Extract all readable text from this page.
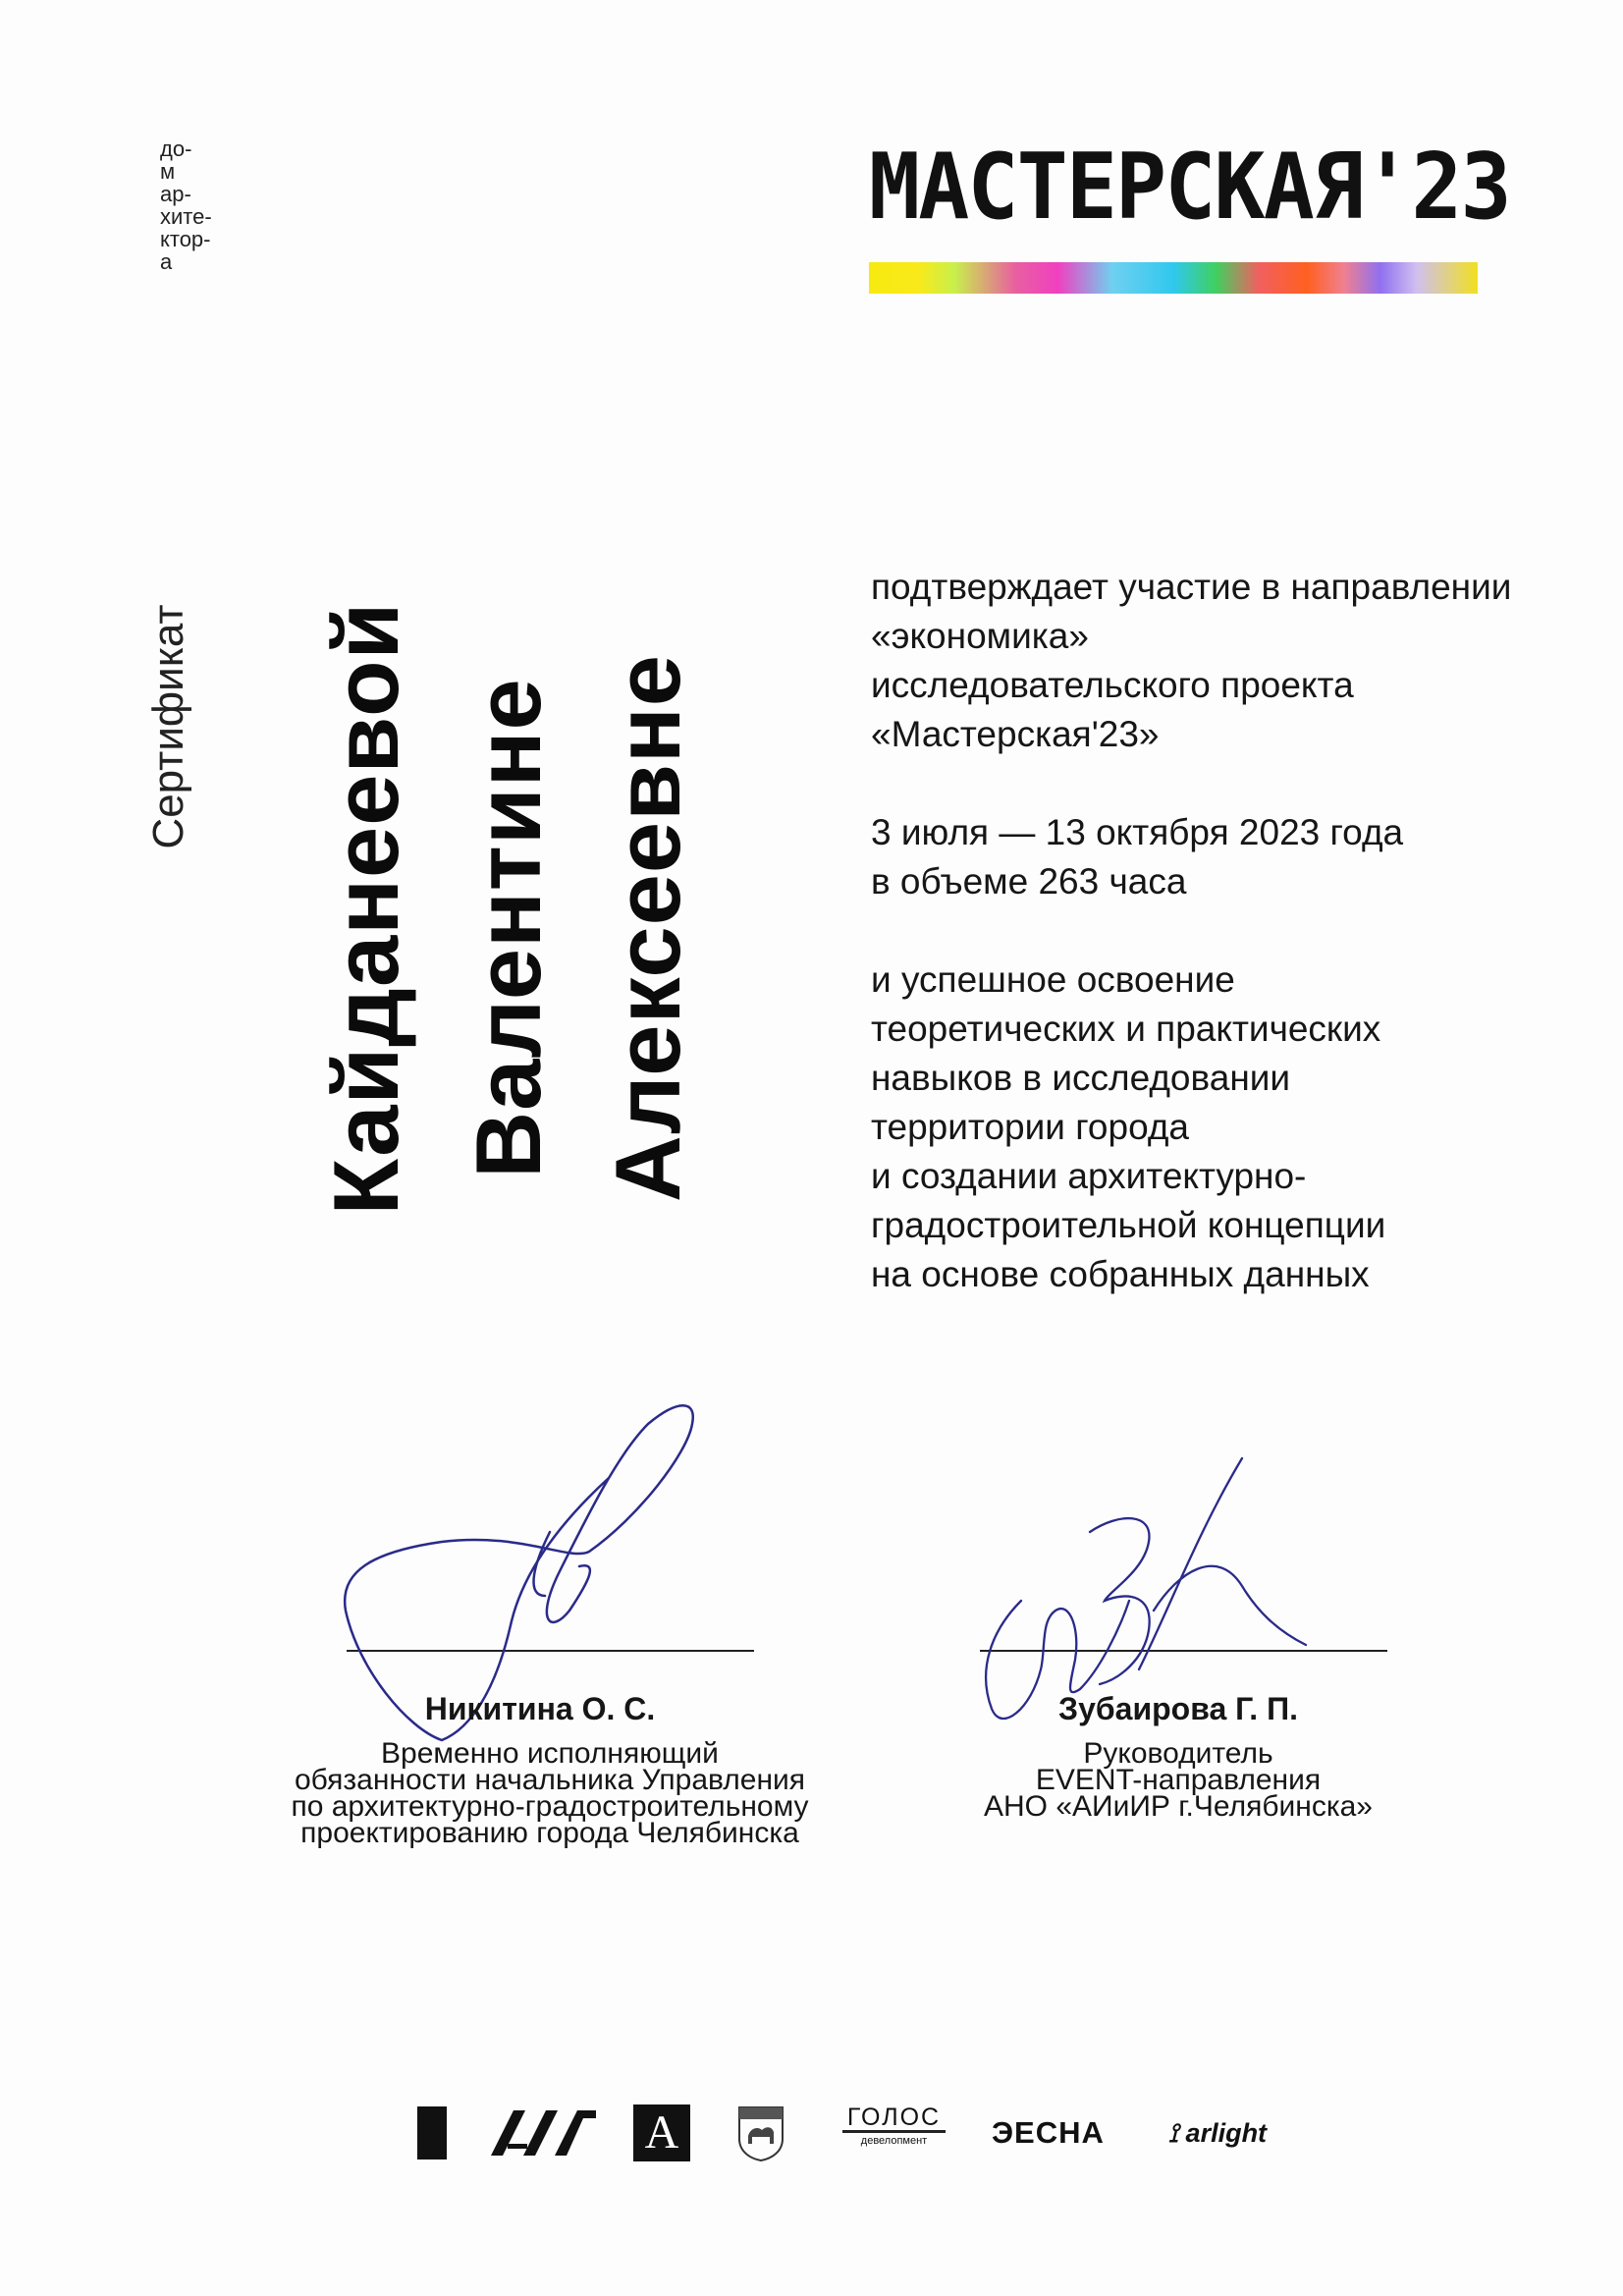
до-
м
ар-
хите-
ктор-
а
МАСТЕРСКАЯ'23
Сертификат Кайданеевой Валентине Алексеевне

подтверждает участие в направлении

«экономика»

исследовательского проекта

«Мастерская'23»

3 июля — 13 октября 2023 года

в объеме 263 часа

и успешное освоение

теоретических и практических

навыков в исследовании

территории города

и создании архитектурно-

градостроительной концепции

на основе собранных данных

Никитина О. С.
Временно исполняющий
обязанности начальника Управления
по архитектурно-градостроительному
проектированию города Челябинска
Зубаирова Г. П.
Руководитель
EVENT-направления
АНО «АИиИР г.Челябинска»
A	ГОЛОС
девелопмент	ЭЕСНА	⟟ arlight
